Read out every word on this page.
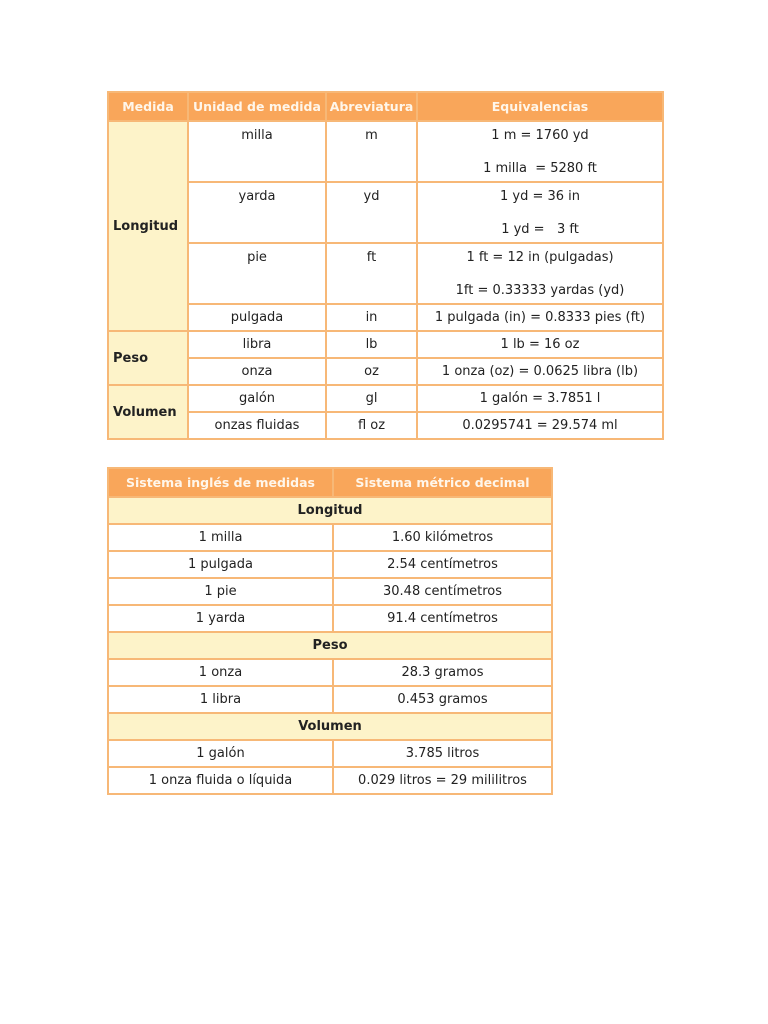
Medida	Unidad de medida	Abreviatura	Equivalencias
Longitud	milla	m	1 m = 1760 yd
1 milla  = 5280 ft

	yarda	yd	1 yd = 36 in
1 yd =   3 ft

	pie	ft	1 ft = 12 in (pulgadas)
1ft = 0.33333 yardas (yd)

	pulgada	in	1 pulgada (in) = 0.8333 pies (ft)
Peso	libra	lb	1 lb = 16 oz
	onza	oz	1 onza (oz) = 0.0625 libra (lb)
Volumen	galón	gl	1 galón = 3.7851 l
	onzas fluidas	fl oz	0.0295741 = 29.574 ml
Sistema inglés de medidas	Sistema métrico decimal
Longitud	
1 milla	1.60 kilómetros
1 pulgada	2.54 centímetros
1 pie	30.48 centímetros
1 yarda	91.4 centímetros
Peso	
1 onza	28.3 gramos
1 libra	0.453 gramos
Volumen	
1 galón	3.785 litros
1 onza fluida o líquida	0.029 litros = 29 mililitros
